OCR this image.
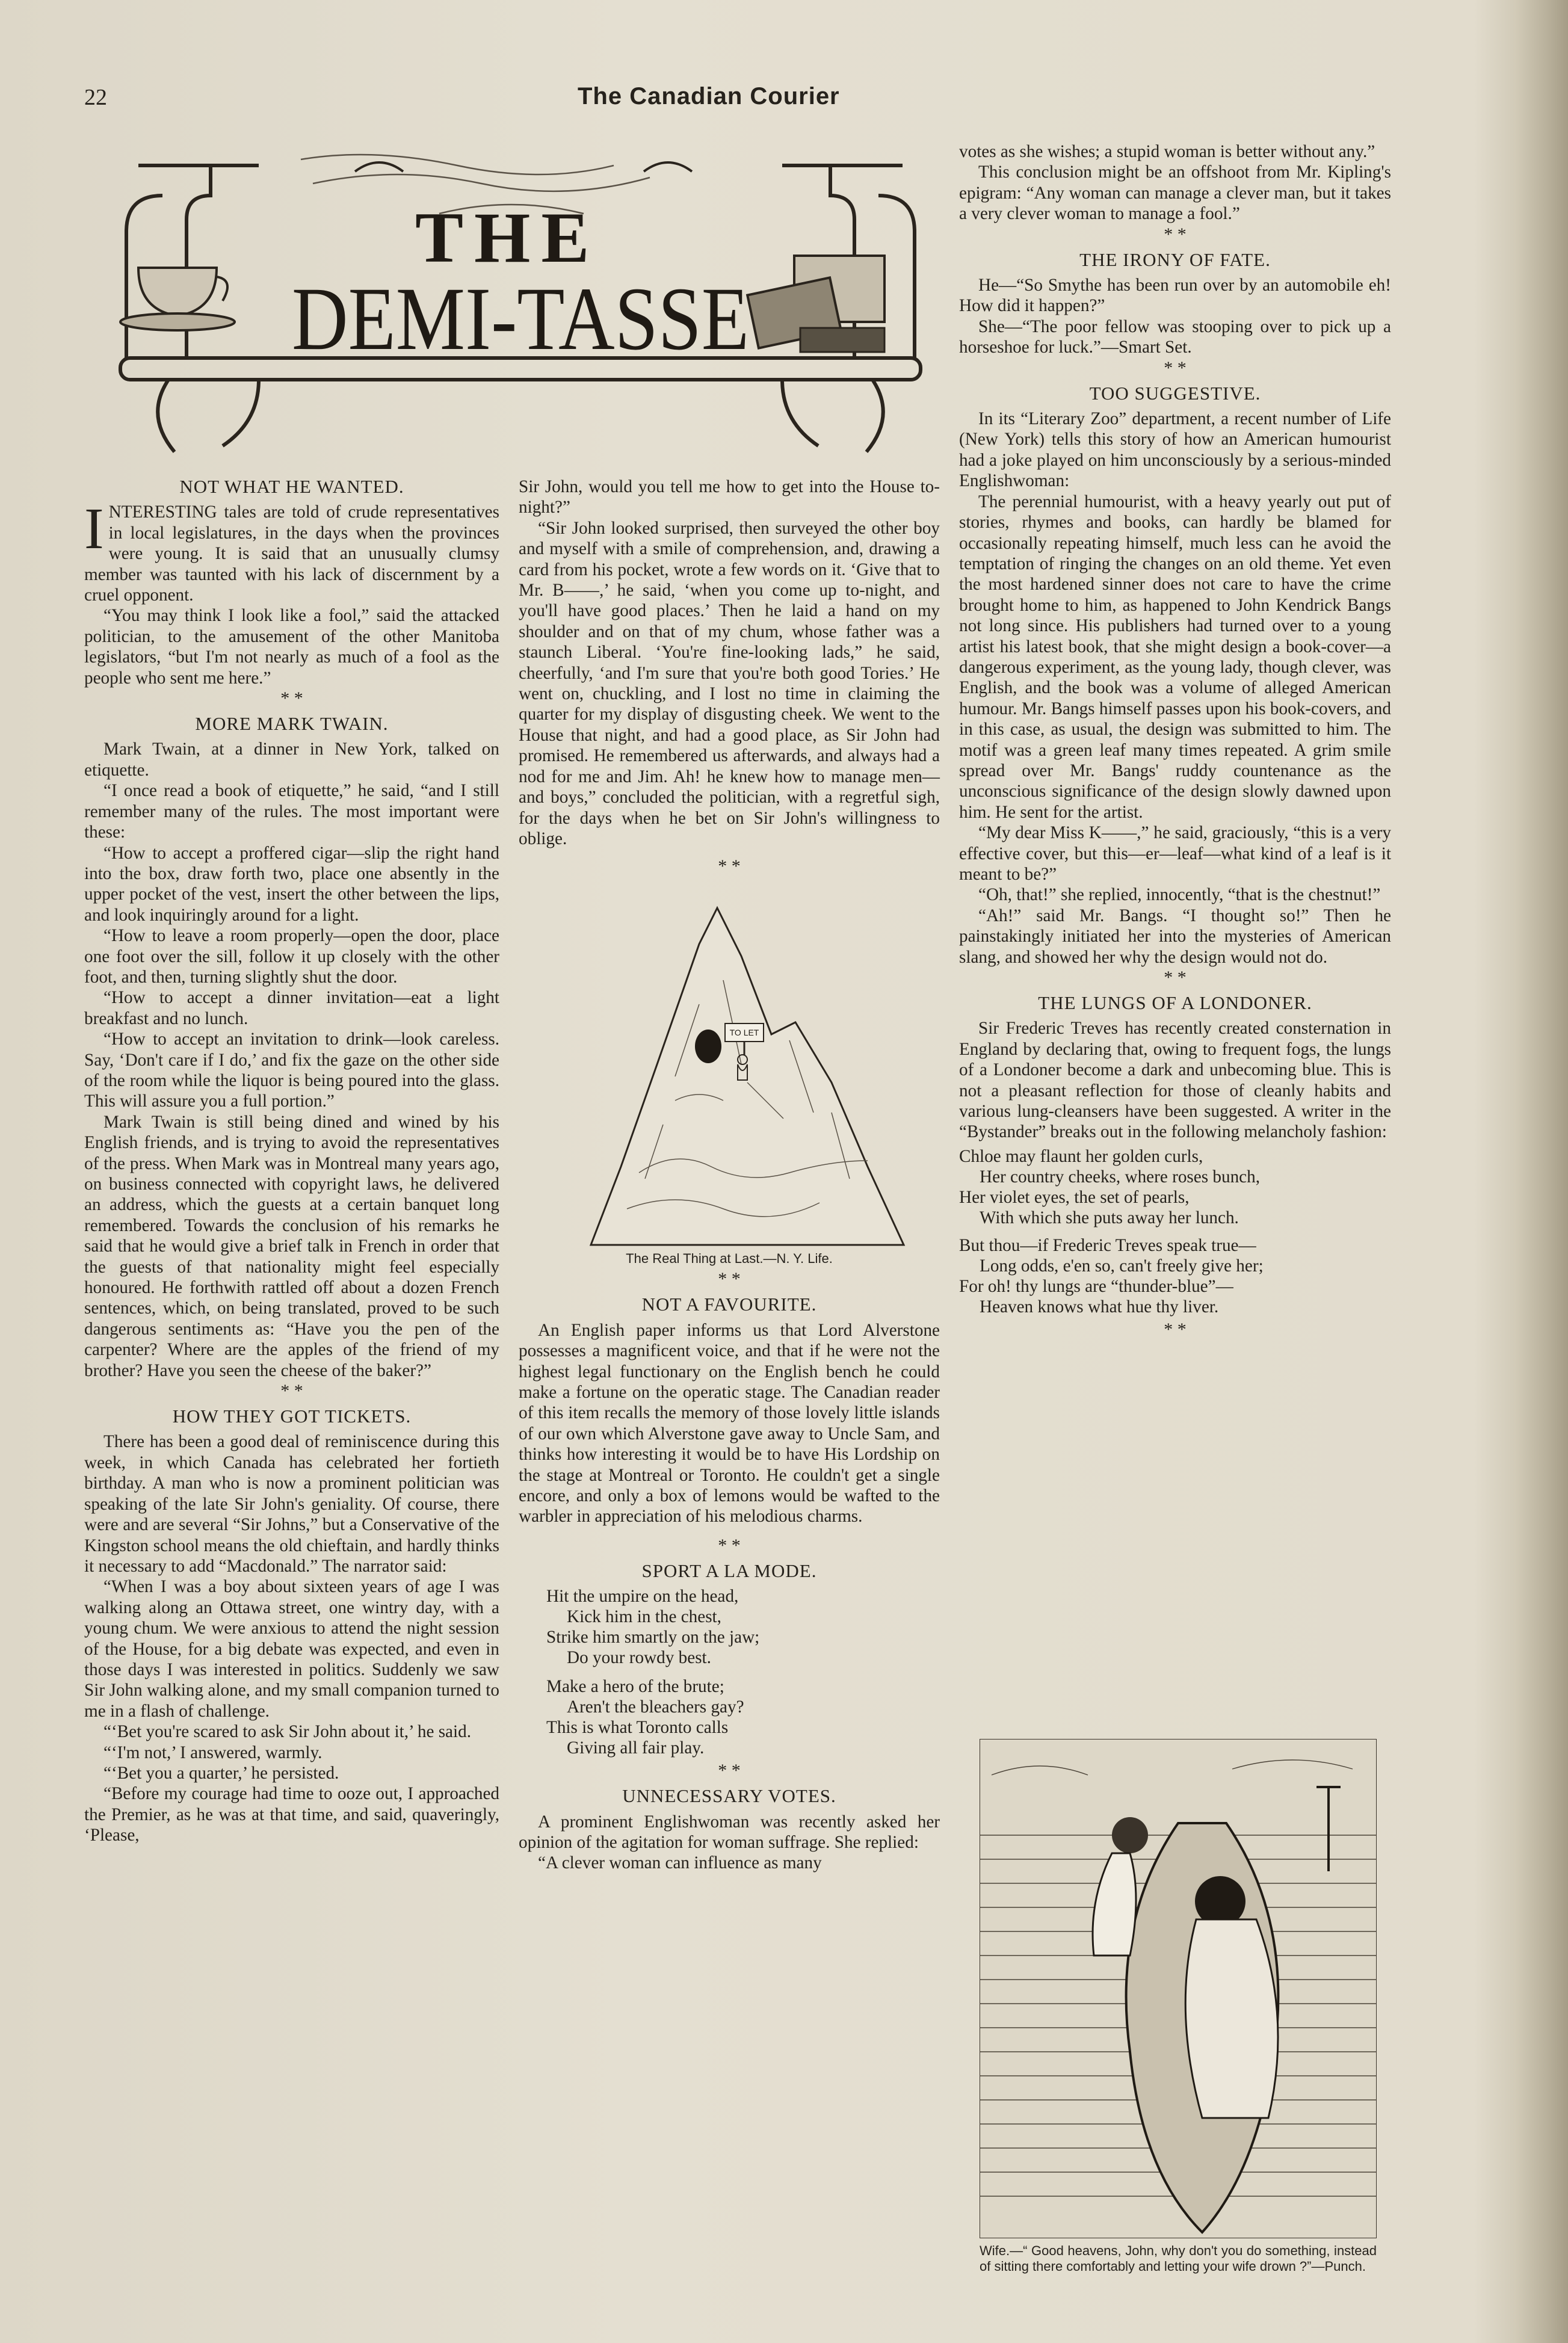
22	The Canadian Courier
THE
DEMI-TASSE
NOT WHAT HE WANTED.

INTERESTING tales are told of crude representatives in local legislatures, in the days when the provinces were young. It is said that an unusually clumsy member was taunted with his lack of discernment by a cruel opponent.

“You may think I look like a fool,” said the attacked politician, to the amusement of the other Manitoba legislators, “but I'm not nearly as much of a fool as the people who sent me here.”

* *
MORE MARK TWAIN.

Mark Twain, at a dinner in New York, talked on etiquette.

“I once read a book of etiquette,” he said, “and I still remember many of the rules. The most important were these:

“How to accept a proffered cigar—slip the right hand into the box, draw forth two, place one absently in the upper pocket of the vest, insert the other between the lips, and look inquiringly around for a light.

“How to leave a room properly—open the door, place one foot over the sill, follow it up closely with the other foot, and then, turning slightly shut the door.

“How to accept a dinner invitation—eat a light breakfast and no lunch.

“How to accept an invitation to drink—look careless. Say, ‘Don't care if I do,’ and fix the gaze on the other side of the room while the liquor is being poured into the glass. This will assure you a full portion.”

Mark Twain is still being dined and wined by his English friends, and is trying to avoid the representatives of the press. When Mark was in Montreal many years ago, on business connected with copyright laws, he delivered an address, which the guests at a certain banquet long remembered. Towards the conclusion of his remarks he said that he would give a brief talk in French in order that the guests of that nationality might feel especially honoured. He forthwith rattled off about a dozen French sentences, which, on being translated, proved to be such dangerous sentiments as: “Have you the pen of the carpenter? Where are the apples of the friend of my brother? Have you seen the cheese of the baker?”

* *
HOW THEY GOT TICKETS.

There has been a good deal of reminiscence during this week, in which Canada has celebrated her fortieth birthday. A man who is now a prominent politician was speaking of the late Sir John's geniality. Of course, there were and are several “Sir Johns,” but a Conservative of the Kingston school means the old chieftain, and hardly thinks it necessary to add “Macdonald.” The narrator said:

“When I was a boy about sixteen years of age I was walking along an Ottawa street, one wintry day, with a young chum. We were anxious to attend the night session of the House, for a big debate was expected, and even in those days I was interested in politics. Suddenly we saw Sir John walking alone, and my small companion turned to me in a flash of challenge.

“‘Bet you're scared to ask Sir John about it,’ he said.

“‘I'm not,’ I answered, warmly.

“‘Bet you a quarter,’ he persisted.

“Before my courage had time to ooze out, I approached the Premier, as he was at that time, and said, quaveringly, ‘Please,

Sir John, would you tell me how to get into the House to-night?”

“Sir John looked surprised, then surveyed the other boy and myself with a smile of comprehension, and, drawing a card from his pocket, wrote a few words on it. ‘Give that to Mr. B——,’ he said, ‘when you come up to-night, and you'll have good places.’ Then he laid a hand on my shoulder and on that of my chum, whose father was a staunch Liberal. ‘You're fine-looking lads,” he said, cheerfully, ‘and I'm sure that you're both good Tories.’ He went on, chuckling, and I lost no time in claiming the quarter for my display of disgusting cheek. We went to the House that night, and had a good place, as Sir John had promised. He remembered us afterwards, and always had a nod for me and Jim. Ah! he knew how to manage men—and boys,” concluded the politician, with a regretful sigh, for the days when he bet on Sir John's willingness to oblige.

* *
TO LET
The Real Thing at Last.—N. Y. Life.
* *
NOT A FAVOURITE.

An English paper informs us that Lord Alverstone possesses a magnificent voice, and that if he were not the highest legal functionary on the English bench he could make a fortune on the operatic stage. The Canadian reader of this item recalls the memory of those lovely little islands of our own which Alverstone gave away to Uncle Sam, and thinks how interesting it would be to have His Lordship on the stage at Montreal or Toronto. He couldn't get a single encore, and only a box of lemons would be wafted to the warbler in appreciation of his melodious charms.

* *
SPORT A LA MODE.
Hit the umpire on the head,
Kick him in the chest,
Strike him smartly on the jaw;
Do your rowdy best.
Make a hero of the brute;
Aren't the bleachers gay?
This is what Toronto calls
Giving all fair play.
* *
UNNECESSARY VOTES.

A prominent Englishwoman was recently asked her opinion of the agitation for woman suffrage. She replied:

“A clever woman can influence as many

votes as she wishes; a stupid woman is better without any.”

This conclusion might be an offshoot from Mr. Kipling's epigram: “Any woman can manage a clever man, but it takes a very clever woman to manage a fool.”

* *
THE IRONY OF FATE.

He—“So Smythe has been run over by an automobile eh! How did it happen?”

She—“The poor fellow was stooping over to pick up a horseshoe for luck.”—Smart Set.

* *
TOO SUGGESTIVE.

In its “Literary Zoo” department, a recent number of Life (New York) tells this story of how an American humourist had a joke played on him unconsciously by a serious-minded Englishwoman:

The perennial humourist, with a heavy yearly out put of stories, rhymes and books, can hardly be blamed for occasionally repeating himself, much less can he avoid the temptation of ringing the changes on an old theme. Yet even the most hardened sinner does not care to have the crime brought home to him, as happened to John Kendrick Bangs not long since. His publishers had turned over to a young artist his latest book, that she might design a book-cover—a dangerous experiment, as the young lady, though clever, was English, and the book was a volume of alleged American humour. Mr. Bangs himself passes upon his book-covers, and in this case, as usual, the design was submitted to him. The motif was a green leaf many times repeated. A grim smile spread over Mr. Bangs' ruddy countenance as the unconscious significance of the design slowly dawned upon him. He sent for the artist.

“My dear Miss K——,” he said, graciously, “this is a very effective cover, but this—er—leaf—what kind of a leaf is it meant to be?”

“Oh, that!” she replied, innocently, “that is the chestnut!”

“Ah!” said Mr. Bangs. “I thought so!” Then he painstakingly initiated her into the mysteries of American slang, and showed her why the design would not do.

* *
THE LUNGS OF A LONDONER.

Sir Frederic Treves has recently created consternation in England by declaring that, owing to frequent fogs, the lungs of a Londoner become a dark and unbecoming blue. This is not a pleasant reflection for those of cleanly habits and various lung-cleansers have been suggested. A writer in the “Bystander” breaks out in the following melancholy fashion:

Chloe may flaunt her golden curls,
Her country cheeks, where roses bunch,
Her violet eyes, the set of pearls,
With which she puts away her lunch.
But thou—if Frederic Treves speak true—
Long odds, e'en so, can't freely give her;
For oh! thy lungs are “thunder-blue”—
Heaven knows what hue thy liver.
* *
Wife.—“ Good heavens, John, why don't you do something, instead of sitting there comfortably and letting your wife drown ?”—Punch.
